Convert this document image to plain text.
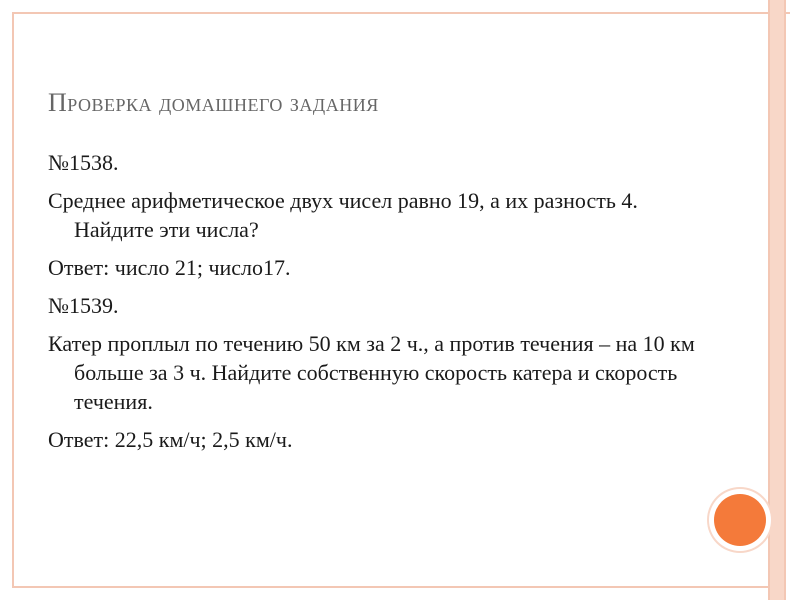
Проверка домашнего задания

№1538.

Среднее арифметическое двух чисел равно 19, а их разность 4. Найдите эти числа?

Ответ: число 21; число17.

№1539.

Катер проплыл по течению 50 км за 2 ч., а против течения – на 10 км больше за 3 ч. Найдите собственную скорость катера и скорость течения.

Ответ: 22,5 км/ч; 2,5 км/ч.
